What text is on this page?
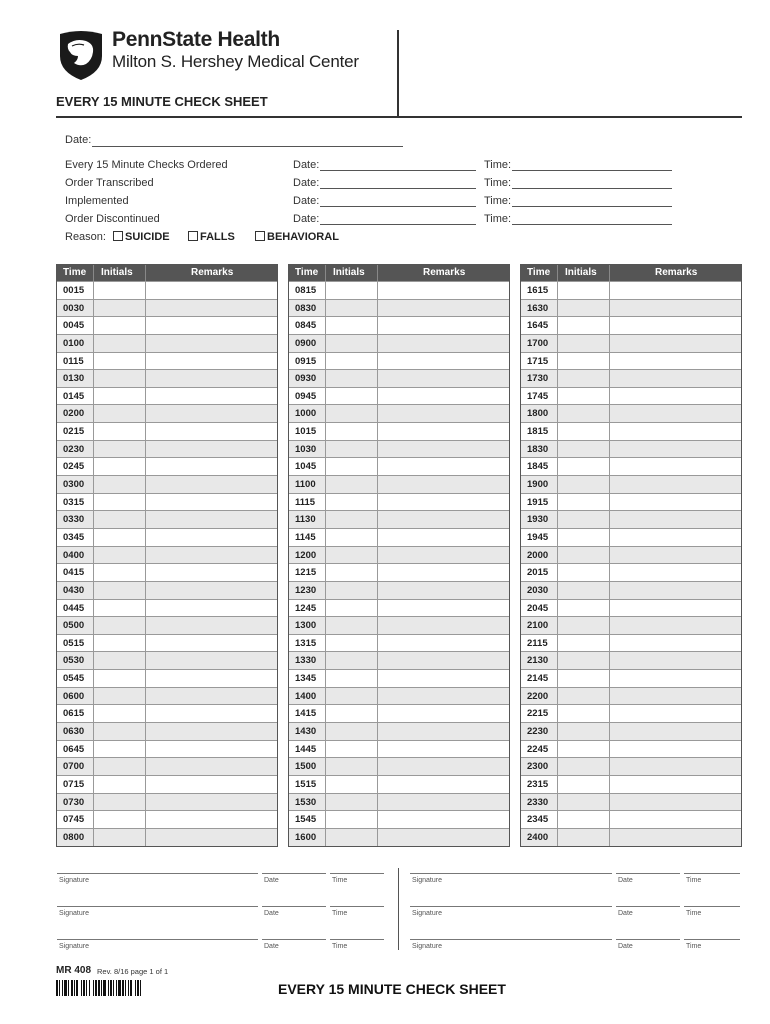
PennState Health
Milton S. Hershey Medical Center
EVERY 15 MINUTE CHECK SHEET
Date:
Every 15 Minute Checks Ordered	Date:	Time:
Order Transcribed	Date:	Time:
Implemented	Date:	Time:
Order Discontinued	Date:	Time:
Reason:	SUICIDE	FALLS	BEHAVIORAL
Time Initials	Remarks
0015
0030
0045
0100
0115
0130
0145
0200
0215
0230
0245
0300
0315
0330
0345
0400
0415
0430
0445
0500
0515
0530
0545
0600
0615
0630
0645
0700
0715
0730
0745
0800
Time Initials	Remarks
0815
0830
0845
0900
0915
0930
0945
1000
1015
1030
1045
1100
1115
1130
1145
1200
1215
1230
1245
1300
1315
1330
1345
1400
1415
1430
1445
1500
1515
1530
1545
1600
Time Initials	Remarks
1615
1630
1645
1700
1715
1730
1745
1800
1815
1830
1845
1900
1915
1930
1945
2000
2015
2030
2045
2100
2115
2130
2145
2200
2215
2230
2245
2300
2315
2330
2345
2400
Signature	Date	Time	Signature	Date	Time
Signature	Date	Time	Signature	Date	Time
Signature	Date	Time	Signature	Date	Time
MR 408 Rev. 8/16 page 1 of 1
EVERY 15 MINUTE CHECK SHEET
